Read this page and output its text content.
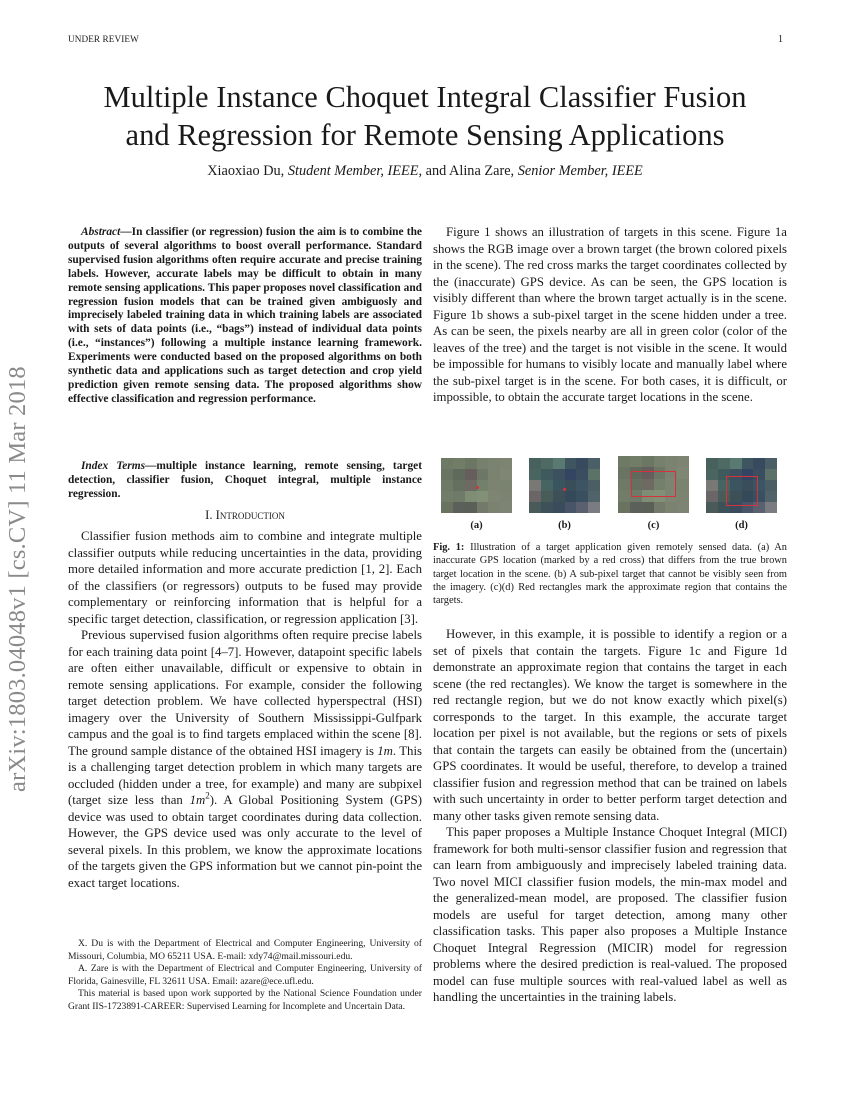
UNDER REVIEW	1
arXiv:1803.04048v1 [cs.CV] 11 Mar 2018
Multiple Instance Choquet Integral Classifier Fusion
and Regression for Remote Sensing Applications
Xiaoxiao Du, Student Member, IEEE, and Alina Zare, Senior Member, IEEE

Abstract—In classifier (or regression) fusion the aim is to combine the outputs of several algorithms to boost overall performance. Standard supervised fusion algorithms often require accurate and precise training labels. However, accurate labels may be difficult to obtain in many remote sensing applications. This paper proposes novel classification and regression fusion models that can be trained given ambiguosly and imprecisely labeled training data in which training labels are associated with sets of data points (i.e., “bags”) instead of individual data points (i.e., “instances”) following a multiple instance learning framework. Experiments were conducted based on the proposed algorithms on both synthetic data and applications such as target detection and crop yield prediction given remote sensing data. The proposed algorithms show effective classification and regression performance.

Index Terms—multiple instance learning, remote sensing, target detection, classifier fusion, Choquet integral, multiple instance regression.

I. Introduction

Classifier fusion methods aim to combine and integrate multiple classifier outputs while reducing uncertainties in the data, providing more detailed information and more accurate prediction [1, 2]. Each of the classifiers (or regressors) outputs to be fused may provide complementary or reinforcing information that is helpful for a specific target detection, classification, or regression application [3].

Previous supervised fusion algorithms often require precise labels for each training data point [4–7]. However, datapoint specific labels are often either unavailable, difficult or expensive to obtain in remote sensing applications. For example, consider the following target detection problem. We have collected hyperspectral (HSI) imagery over the University of Southern Mississippi-Gulfpark campus and the goal is to find targets emplaced within the scene [8]. The ground sample distance of the obtained HSI imagery is 1m. This is a challenging target detection problem in which many targets are occluded (hidden under a tree, for example) and many are subpixel (target size less than $1m^2$). A Global Positioning System (GPS) device was used to obtain target coordinates during data collection. However, the GPS device used was only accurate to the level of several pixels. In this problem, we know the approximate locations of the targets given the GPS information but we cannot pin-point the exact target locations.

X. Du is with the Department of Electrical and Computer Engineering, University of Missouri, Columbia, MO 65211 USA. E-mail: xdy74@mail.missouri.edu.

A. Zare is with the Department of Electrical and Computer Engineering, University of Florida, Gainesville, FL 32611 USA. Email: azare@ece.ufl.edu.

This material is based upon work supported by the National Science Foundation under Grant IIS-1723891-CAREER: Supervised Learning for Incomplete and Uncertain Data.

Figure 1 shows an illustration of targets in this scene. Figure 1a shows the RGB image over a brown target (the brown colored pixels in the scene). The red cross marks the target coordinates collected by the (inaccurate) GPS device. As can be seen, the GPS location is visibly different than where the brown target actually is in the scene. Figure 1b shows a sub-pixel target in the scene hidden under a tree. As can be seen, the pixels nearby are all in green color (color of the leaves of the tree) and the target is not visible in the scene. It would be impossible for humans to visibly locate and manually label where the sub-pixel target is in the scene. For both cases, it is difficult, or impossible, to obtain the accurate target locations in the scene.

(a)	(b)	(c)	(d)

Fig. 1: Illustration of a target application given remotely sensed data. (a) An inaccurate GPS location (marked by a red cross) that differs from the true brown target location in the scene. (b) A sub-pixel target that cannot be visibly seen from the imagery. (c)(d) Red rectangles mark the approximate region that contains the targets.

However, in this example, it is possible to identify a region or a set of pixels that contain the targets. Figure 1c and Figure 1d demonstrate an approximate region that contains the target in each scene (the red rectangles). We know the target is somewhere in the red rectangle region, but we do not know exactly which pixel(s) corresponds to the target. In this example, the accurate target location per pixel is not available, but the regions or sets of pixels that contain the targets can easily be obtained from the (uncertain) GPS coordinates. It would be useful, therefore, to develop a trained classifier fusion and regression method that can be trained on labels with such uncertainty in order to better perform target detection and many other tasks given remote sensing data.

This paper proposes a Multiple Instance Choquet Integral (MICI) framework for both multi-sensor classifier fusion and regression that can learn from ambiguously and imprecisely labeled training data. Two novel MICI classifier fusion models, the min-max model and the generalized-mean model, are proposed. The classifier fusion models are useful for target detection, among many other classification tasks. This paper also proposes a Multiple Instance Choquet Integral Regression (MICIR) model for regression problems where the desired prediction is real-valued. The proposed model can fuse multiple sources with real-valued label as well as handling the uncertainties in the training labels.
